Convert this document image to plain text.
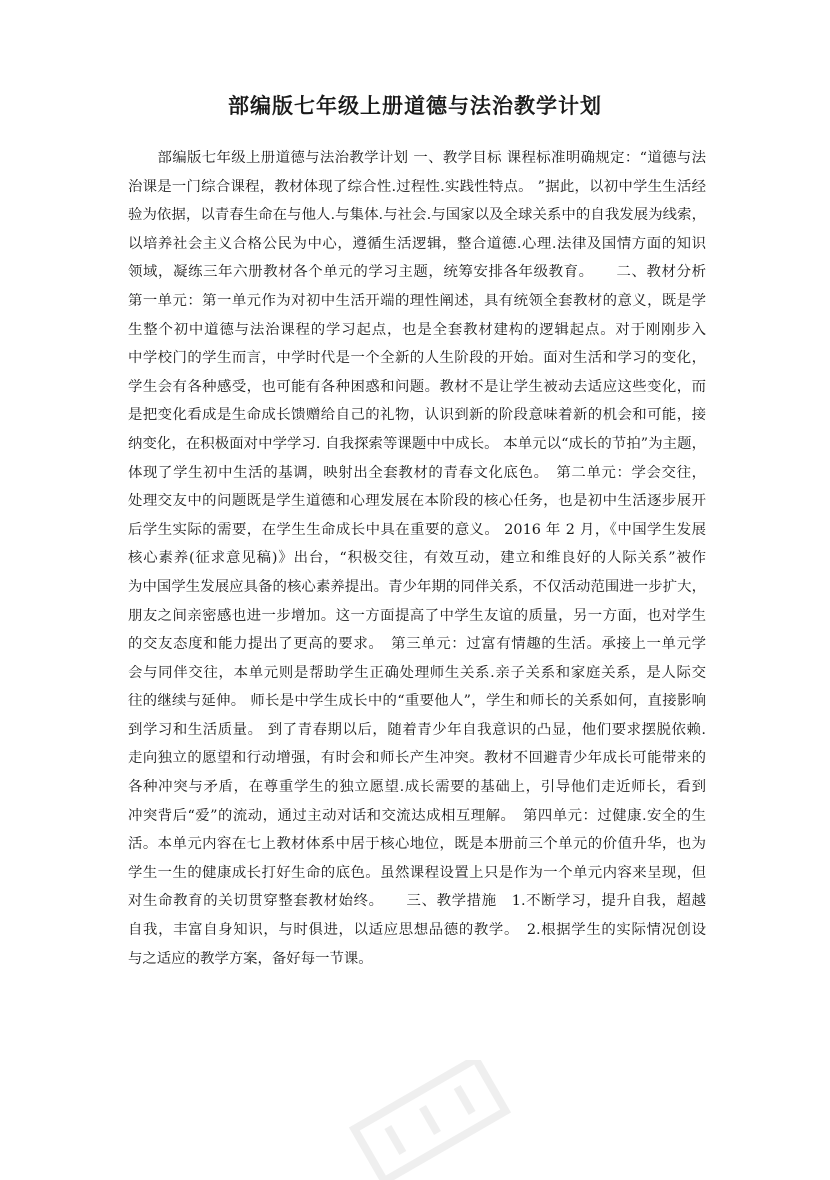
部编版七年级上册道德与法治教学计划
　　部编版七年级上册道德与法治教学计划 一、教学目标 课程标准明确规定：“道德与法
治课是一门综合课程，教材体现了综合性.过程性.实践性特点。 ”据此，以初中学生生活经
验为依据，以青春生命在与他人.与集体.与社会.与国家以及全球关系中的自我发展为线索，
以培养社会主义合格公民为中心，遵循生活逻辑，整合道德.心理.法律及国情方面的知识
领域，凝练三年六册教材各个单元的学习主题，统筹安排各年级教育。　　二、教材分析
第一单元：第一单元作为对初中生活开端的理性阐述，具有统领全套教材的意义，既是学
生整个初中道德与法治课程的学习起点，也是全套教材建构的逻辑起点。对于刚刚步入
中学校门的学生而言，中学时代是一个全新的人生阶段的开始。面对生活和学习的变化，
学生会有各种感受，也可能有各种困惑和问题。教材不是让学生被动去适应这些变化，而
是把变化看成是生命成长馈赠给自己的礼物，认识到新的阶段意味着新的机会和可能，接
纳变化，在积极面对中学学习. 自我探索等课题中中成长。 本单元以“成长的节拍”为主题，
体现了学生初中生活的基调，映射出全套教材的青春文化底色。　第二单元：学会交往，
处理交友中的问题既是学生道德和心理发展在本阶段的核心任务，也是初中生活逐步展开
后学生实际的需要，在学生生命成长中具在重要的意义。 2016 年 2 月，《中国学生发展
核心素养(征求意见稿)》出台，“积极交往，有效互动，建立和维良好的人际关系”被作
为中国学生发展应具备的核心素养提出。青少年期的同伴关系，不仅活动范围进一步扩大，
朋友之间亲密感也进一步增加。这一方面提高了中学生友谊的质量，另一方面，也对学生
的交友态度和能力提出了更高的要求。　第三单元：过富有情趣的生活。承接上一单元学
会与同伴交往，本单元则是帮助学生正确处理师生关系.亲子关系和家庭关系，是人际交
往的继续与延伸。 师长是中学生成长中的“重要他人”，学生和师长的关系如何，直接影响
到学习和生活质量。 到了青春期以后，随着青少年自我意识的凸显，他们要求摆脱依赖.
走向独立的愿望和行动增强，有时会和师长产生冲突。教材不回避青少年成长可能带来的
各种冲突与矛盾，在尊重学生的独立愿望.成长需要的基础上，引导他们走近师长，看到
冲突背后“爱”的流动，通过主动对话和交流达成相互理解。　第四单元：过健康.安全的生
活。本单元内容在七上教材体系中居于核心地位，既是本册前三个单元的价值升华，也为
学生一生的健康成长打好生命的底色。虽然课程设置上只是作为一个单元内容来呈现，但
对生命教育的关切贯穿整套教材始终。　　三、教学措施　1.不断学习，提升自我，超越
自我，丰富自身知识，与时俱进，以适应思想品德的教学。　2.根据学生的实际情况创设
与之适应的教学方案，备好每一节课。
